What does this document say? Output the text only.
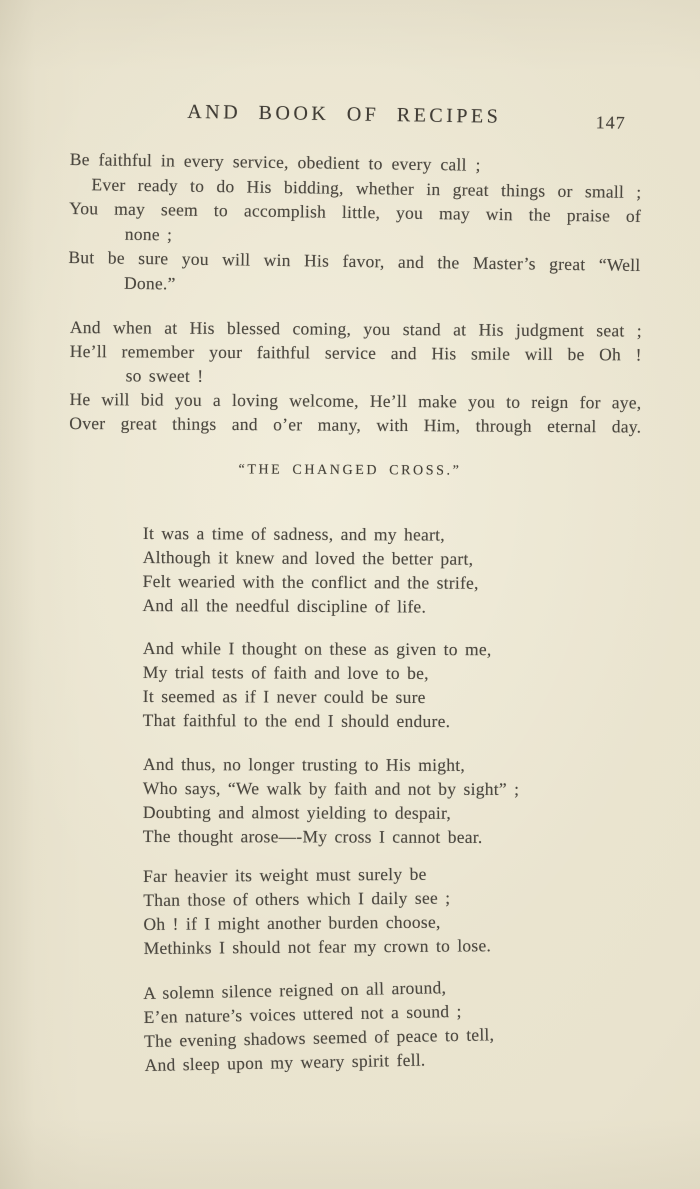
AND BOOK OF RECIPES	147
Be faithful in every service, obedient to every call ;
Ever ready to do His bidding, whether in great things or small ;
You may seem to accomplish little, you may win the praise of
none ;
But be sure you will win His favor, and the Master’s great “Well
Done.”
And when at His blessed coming, you stand at His judgment seat ;
He’ll remember your faithful service and His smile will be Oh !
so sweet !
He will bid you a loving welcome, He’ll make you to reign for aye,
Over great things and o’er many, with Him, through eternal day.
“THE CHANGED CROSS.”
It was a time of sadness, and my heart,
Although it knew and loved the better part,
Felt wearied with the conflict and the strife,
And all the needful discipline of life.
And while I thought on these as given to me,
My trial tests of faith and love to be,
It seemed as if I never could be sure
That faithful to the end I should endure.
And thus, no longer trusting to His might,
Who says, “We walk by faith and not by sight” ;
Doubting and almost yielding to despair,
The thought arose—-My cross I cannot bear.
Far heavier its weight must surely be
Than those of others which I daily see ;
Oh ! if I might another burden choose,
Methinks I should not fear my crown to lose.
A solemn silence reigned on all around,
E’en nature’s voices uttered not a sound ;
The evening shadows seemed of peace to tell,
And sleep upon my weary spirit fell.
